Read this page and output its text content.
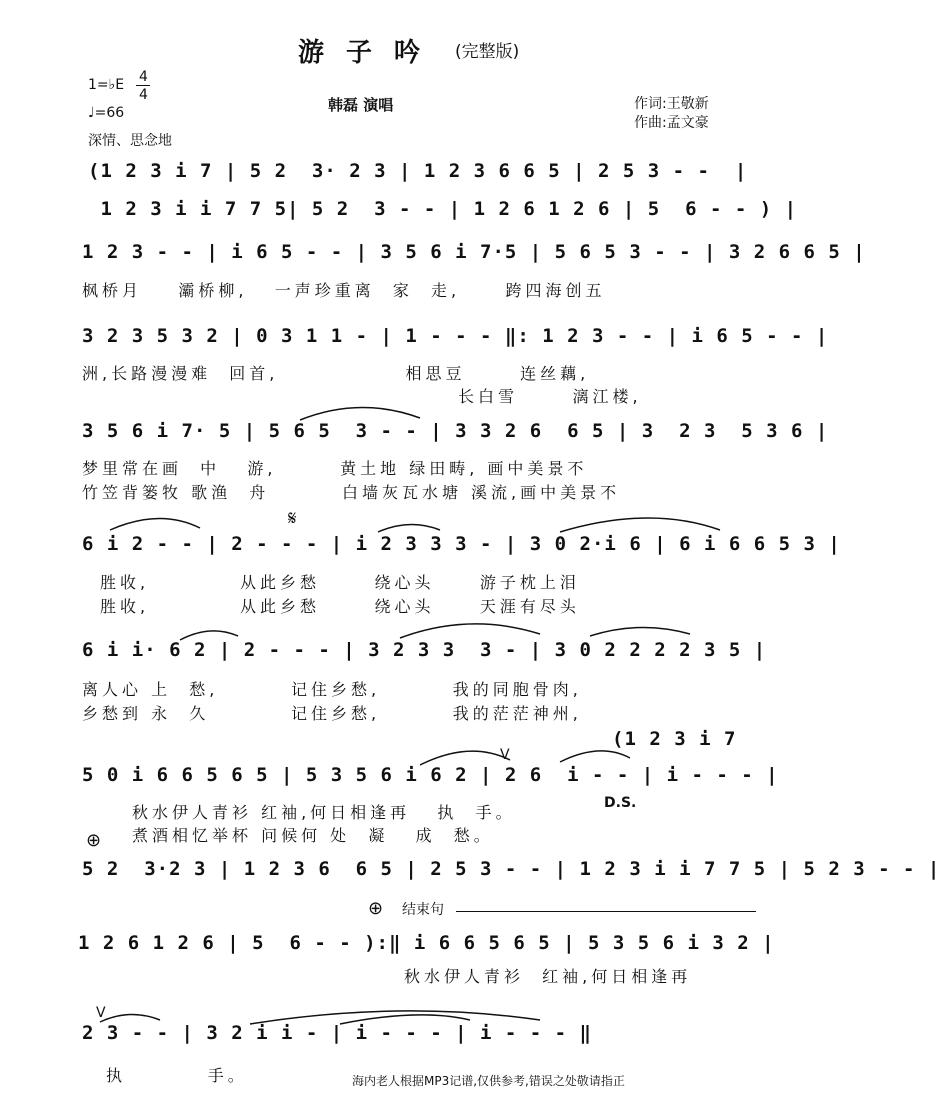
游子吟 (完整版)
1=♭E 4
4
♩=66	韩磊 演唱	作词:王敬新
作曲:孟文豪
深情、思念地
(1 2 3 i 7 | 5 2  3· 2 3 | 1 2 3 6 6 5 | 2 5 3 - -  |
1 2 3 i i 7 7 5| 5 2  3 - - | 1 2 6 1 2 6 | 5  6 - - ) |
1 2 3 - - | i 6 5 - - | 3 5 6 i 7·5 | 5 6 5 3 - - | 3 2 6 6 5 |
枫桥月    灞桥柳,   一声珍重离  家  走,     跨四海创五
3 2 3 5 3 2 | 0 3 1 1 - | 1 - - - ‖: 1 2 3 - - | i 6 5 - - |
洲,长路漫漫难  回首,              相思豆      连丝藕,
长白雪      漓江楼,
3 5 6 i 7· 5 | 5 6 5  3 - - | 3 3 2 6  6 5 | 3  2 3  5 3 6 |
梦里常在画  中   游,       黄土地 绿田畴, 画中美景不
竹笠背篓牧 歌渔  舟        白墙灰瓦水塘 溪流,画中美景不
𝄋
6 i 2 - - | 2 - - - | i 2 3 3 3 - | 3 0 2·i 6 | 6 i 6 6 5 3 |
胜收,          从此乡愁      绕心头     游子枕上泪
胜收,          从此乡愁      绕心头     天涯有尽头
6 i i· 6 2 | 2 - - - | 3 2 3 3  3 - | 3 0 2 2 2 2 3 5 |
离人心 上  愁,        记住乡愁,        我的同胞骨肉,
乡愁到 永  久         记住乡愁,        我的茫茫神州,
(1 2 3 i 7
V
5 0 i 6 6 5 6 5 | 5 3 5 6 i 6 2 | 2 6  i - - | i - - - |
D.S.
秋水伊人青衫 红袖,何日相逢再   执  手。
煮酒相忆举杯 问候何 处  凝   成  愁。
⊕
5 2  3·2 3 | 1 2 3 6  6 5 | 2 5 3 - - | 1 2 3 i i 7 7 5 | 5 2 3 - - |
⊕ 结束句
1 2 6 1 2 6 | 5  6 - - ):‖ i 6 6 5 6 5 | 5 3 5 6 i 3 2 |
秋水伊人青衫  红袖,何日相逢再
V
2 3 - - | 3 2 i i - | i - - - | i - - - ‖
执         手。	海内老人根据MP3记谱,仅供参考,错误之处敬请指正
